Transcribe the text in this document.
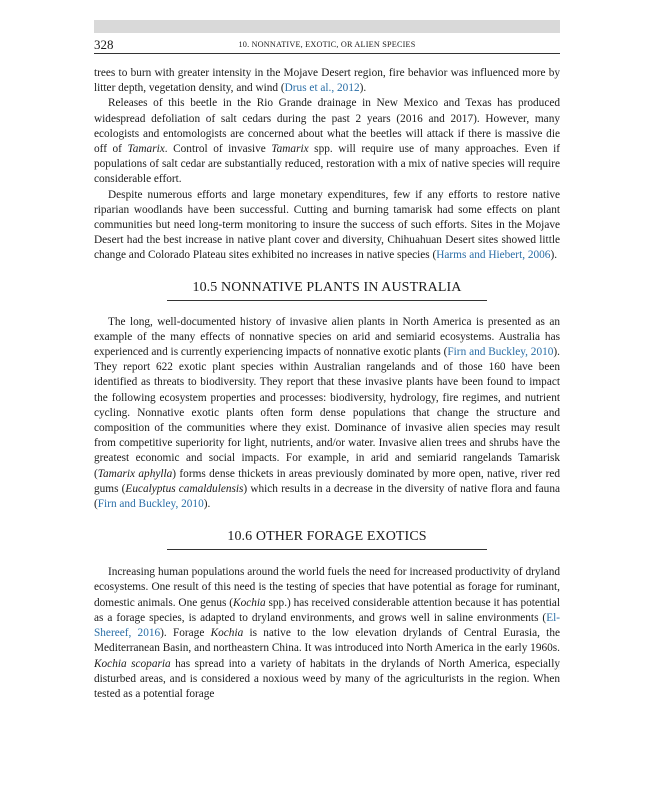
328	10. NONNATIVE, EXOTIC, OR ALIEN SPECIES

trees to burn with greater intensity in the Mojave Desert region, fire behavior was influenced more by litter depth, vegetation density, and wind (Drus et al., 2012).

Releases of this beetle in the Rio Grande drainage in New Mexico and Texas has produced widespread defoliation of salt cedars during the past 2 years (2016 and 2017). However, many ecologists and entomologists are concerned about what the beetles will attack if there is massive die off of Tamarix. Control of invasive Tamarix spp. will require use of many approaches. Even if populations of salt cedar are substantially reduced, restoration with a mix of native species will require considerable effort.

Despite numerous efforts and large monetary expenditures, few if any efforts to restore native riparian woodlands have been successful. Cutting and burning tamarisk had some effects on plant communities but need long-term monitoring to insure the success of such efforts. Sites in the Mojave Desert had the best increase in native plant cover and diversity, Chihuahuan Desert sites showed little change and Colorado Plateau sites exhibited no increases in native species (Harms and Hiebert, 2006).

10.5 NONNATIVE PLANTS IN AUSTRALIA

The long, well-documented history of invasive alien plants in North America is presented as an example of the many effects of nonnative species on arid and semiarid ecosystems. Australia has experienced and is currently experiencing impacts of nonnative exotic plants (Firn and Buckley, 2010). They report 622 exotic plant species within Australian rangelands and of those 160 have been identified as threats to biodiversity. They report that these invasive plants have been found to impact the following ecosystem properties and processes: biodiversity, hydrology, fire regimes, and nutrient cycling. Nonnative exotic plants often form dense populations that change the structure and composition of the communities where they exist. Dominance of invasive alien species may result from competitive superiority for light, nutrients, and/or water. Invasive alien trees and shrubs have the greatest economic and social impacts. For example, in arid and semiarid rangelands Tamarisk (Tamarix aphylla) forms dense thickets in areas previously dominated by more open, native, river red gums (Eucalyptus camaldulensis) which results in a decrease in the diversity of native flora and fauna (Firn and Buckley, 2010).

10.6 OTHER FORAGE EXOTICS

Increasing human populations around the world fuels the need for increased productivity of dryland ecosystems. One result of this need is the testing of species that have potential as forage for ruminant, domestic animals. One genus (Kochia spp.) has received considerable attention because it has potential as a forage species, is adapted to dryland environments, and grows well in saline environments (El-Shereef, 2016). Forage Kochia is native to the low elevation drylands of Central Eurasia, the Mediterranean Basin, and northeastern China. It was introduced into North America in the early 1960s. Kochia scoparia has spread into a variety of habitats in the drylands of North America, especially disturbed areas, and is considered a noxious weed by many of the agriculturists in the region. When tested as a potential forage
